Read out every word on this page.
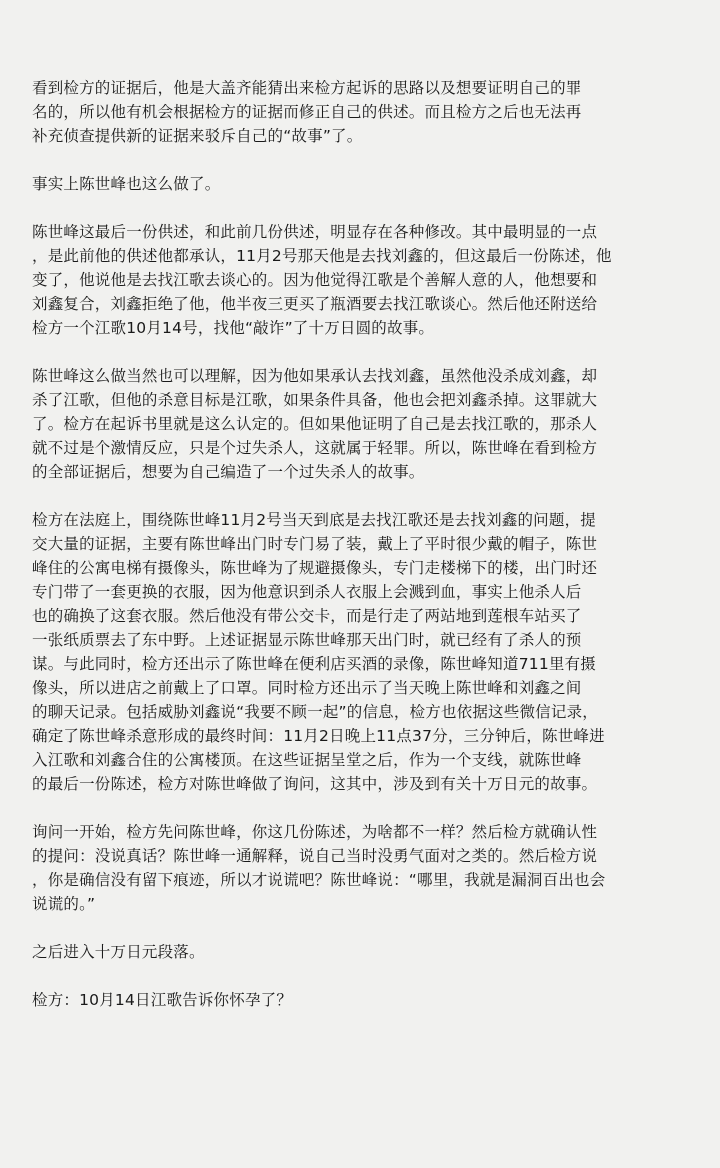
看到检方的证据后，他是大盖齐能猜出来检方起诉的思路以及想要证明自己的罪
名的，所以他有机会根据检方的证据而修正自己的供述。而且检方之后也无法再
补充侦查提供新的证据来驳斥自己的“故事”了。
事实上陈世峰也这么做了。
陈世峰这最后一份供述，和此前几份供述，明显存在各种修改。其中最明显的一点
，是此前他的供述他都承认，11月2号那天他是去找刘鑫的，但这最后一份陈述，他
变了，他说他是去找江歌去谈心的。因为他觉得江歌是个善解人意的人，他想要和
刘鑫复合，刘鑫拒绝了他，他半夜三更买了瓶酒要去找江歌谈心。然后他还附送给
检方一个江歌10月14号，找他“敲诈”了十万日圆的故事。
陈世峰这么做当然也可以理解，因为他如果承认去找刘鑫，虽然他没杀成刘鑫，却
杀了江歌，但他的杀意目标是江歌，如果条件具备，他也会把刘鑫杀掉。这罪就大
了。检方在起诉书里就是这么认定的。但如果他证明了自己是去找江歌的，那杀人
就不过是个激情反应，只是个过失杀人，这就属于轻罪。所以，陈世峰在看到检方
的全部证据后，想要为自己编造了一个过失杀人的故事。
检方在法庭上，围绕陈世峰11月2号当天到底是去找江歌还是去找刘鑫的问题，提
交大量的证据，主要有陈世峰出门时专门易了装，戴上了平时很少戴的帽子，陈世
峰住的公寓电梯有摄像头，陈世峰为了规避摄像头，专门走楼梯下的楼，出门时还
专门带了一套更换的衣服，因为他意识到杀人衣服上会溅到血，事实上他杀人后
也的确换了这套衣服。然后他没有带公交卡，而是行走了两站地到莲根车站买了
一张纸质票去了东中野。上述证据显示陈世峰那天出门时，就已经有了杀人的预
谋。与此同时，检方还出示了陈世峰在便利店买酒的录像，陈世峰知道711里有摄
像头，所以进店之前戴上了口罩。同时检方还出示了当天晚上陈世峰和刘鑫之间
的聊天记录。包括威胁刘鑫说“我要不顾一起”的信息，检方也依据这些微信记录，
确定了陈世峰杀意形成的最终时间：11月2日晚上11点37分，三分钟后，陈世峰进
入江歌和刘鑫合住的公寓楼顶。在这些证据呈堂之后，作为一个支线，就陈世峰
的最后一份陈述，检方对陈世峰做了询问，这其中，涉及到有关十万日元的故事。
询问一开始，检方先问陈世峰，你这几份陈述，为啥都不一样？然后检方就确认性
的提问：没说真话？陈世峰一通解释，说自己当时没勇气面对之类的。然后检方说
，你是确信没有留下痕迹，所以才说谎吧？陈世峰说：“哪里，我就是漏洞百出也会
说谎的。”
之后进入十万日元段落。
检方：10月14日江歌告诉你怀孕了？
